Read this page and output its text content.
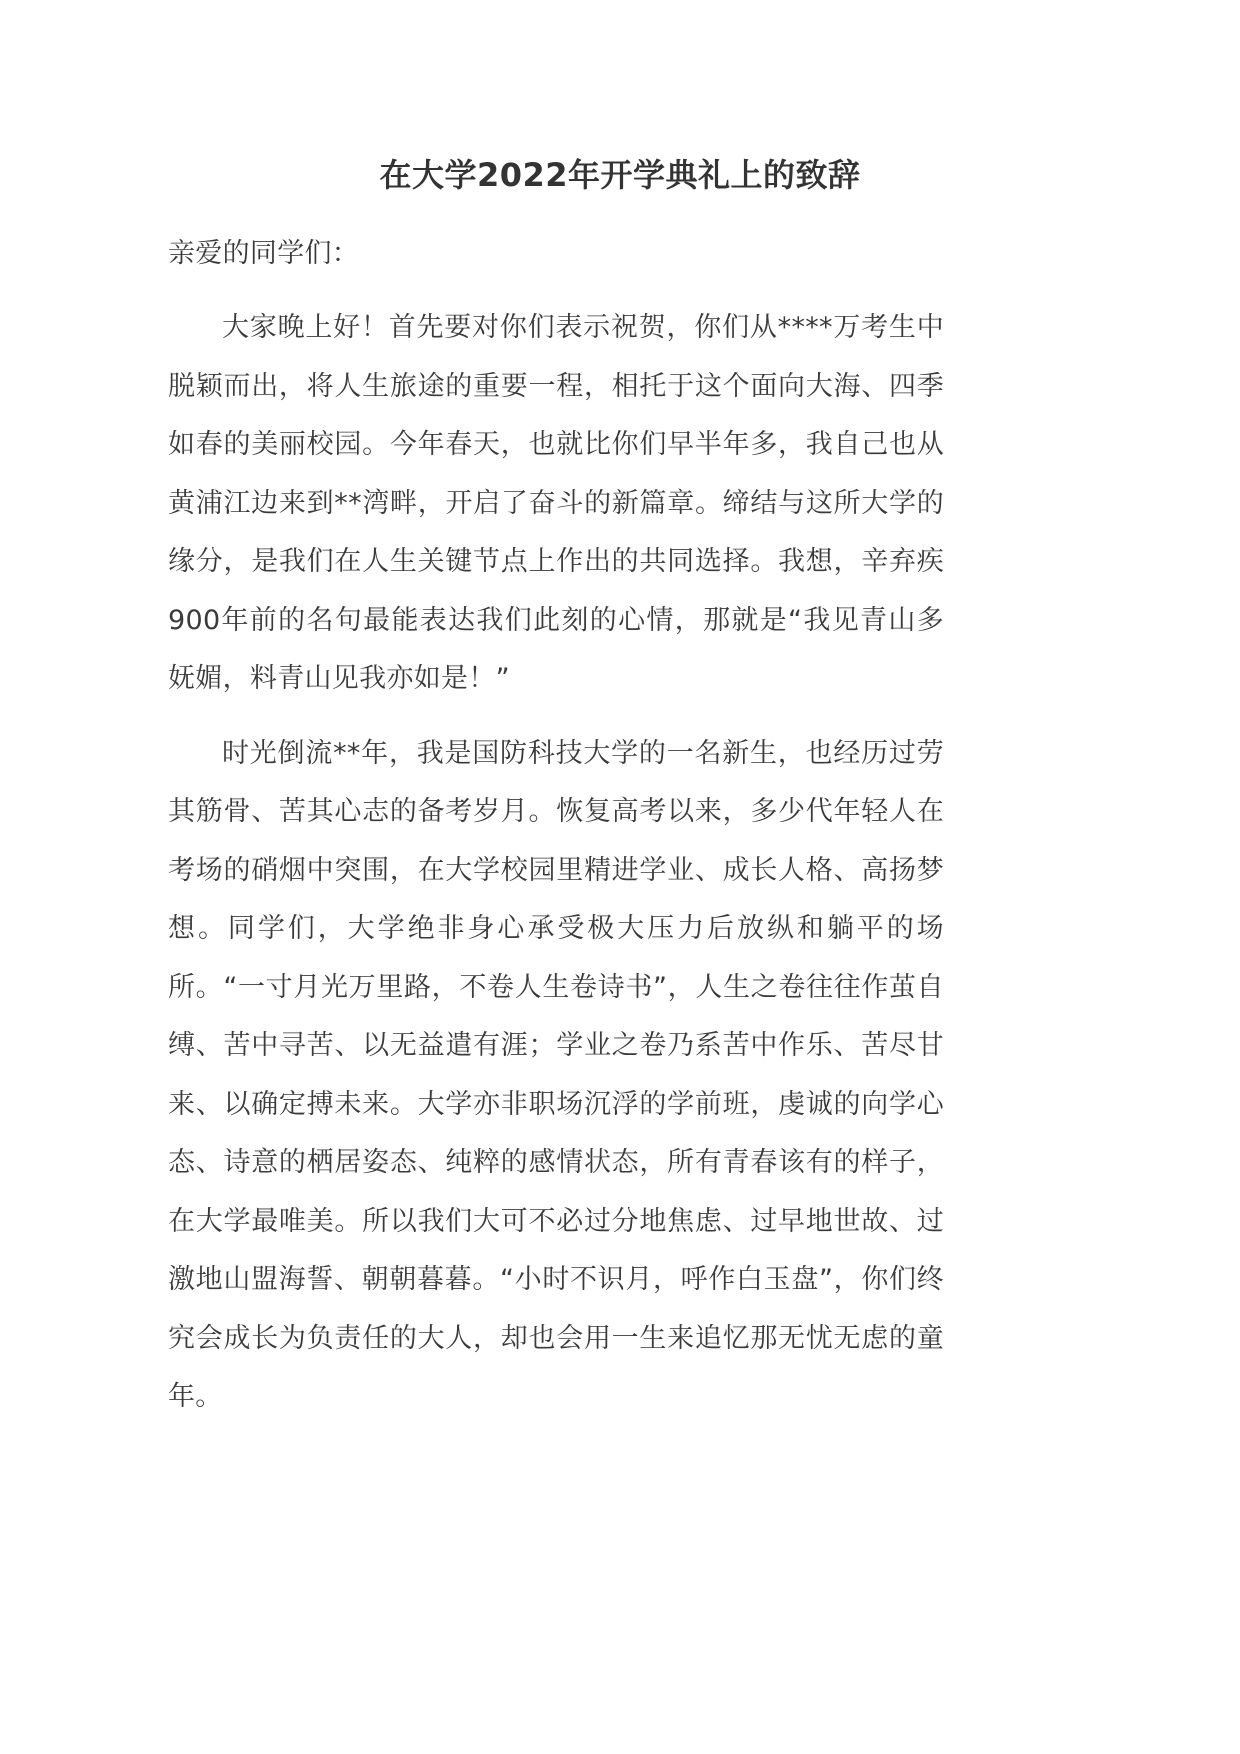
在大学2022年开学典礼上的致辞

亲爱的同学们：

大家晚上好！首先要对你们表示祝贺，你们从****万考生中脱颖而出，将人生旅途的重要一程，相托于这个面向大海、四季如春的美丽校园。今年春天，也就比你们早半年多，我自己也从黄浦江边来到**湾畔，开启了奋斗的新篇章。缔结与这所大学的缘分，是我们在人生关键节点上作出的共同选择。我想，辛弃疾900年前的名句最能表达我们此刻的心情，那就是“我见青山多妩媚，料青山见我亦如是！”

时光倒流**年，我是国防科技大学的一名新生，也经历过劳其筋骨、苦其心志的备考岁月。恢复高考以来，多少代年轻人在考场的硝烟中突围，在大学校园里精进学业、成长人格、高扬梦想。同学们，大学绝非身心承受极大压力后放纵和躺平的场所。“一寸月光万里路，不卷人生卷诗书”，人生之卷往往作茧自缚、苦中寻苦、以无益遣有涯；学业之卷乃系苦中作乐、苦尽甘来、以确定搏未来。大学亦非职场沉浮的学前班，虔诚的向学心态、诗意的栖居姿态、纯粹的感情状态，所有青春该有的样子，在大学最唯美。所以我们大可不必过分地焦虑、过早地世故、过激地山盟海誓、朝朝暮暮。“小时不识月，呼作白玉盘”，你们终究会成长为负责任的大人，却也会用一生来追忆那无忧无虑的童年。
